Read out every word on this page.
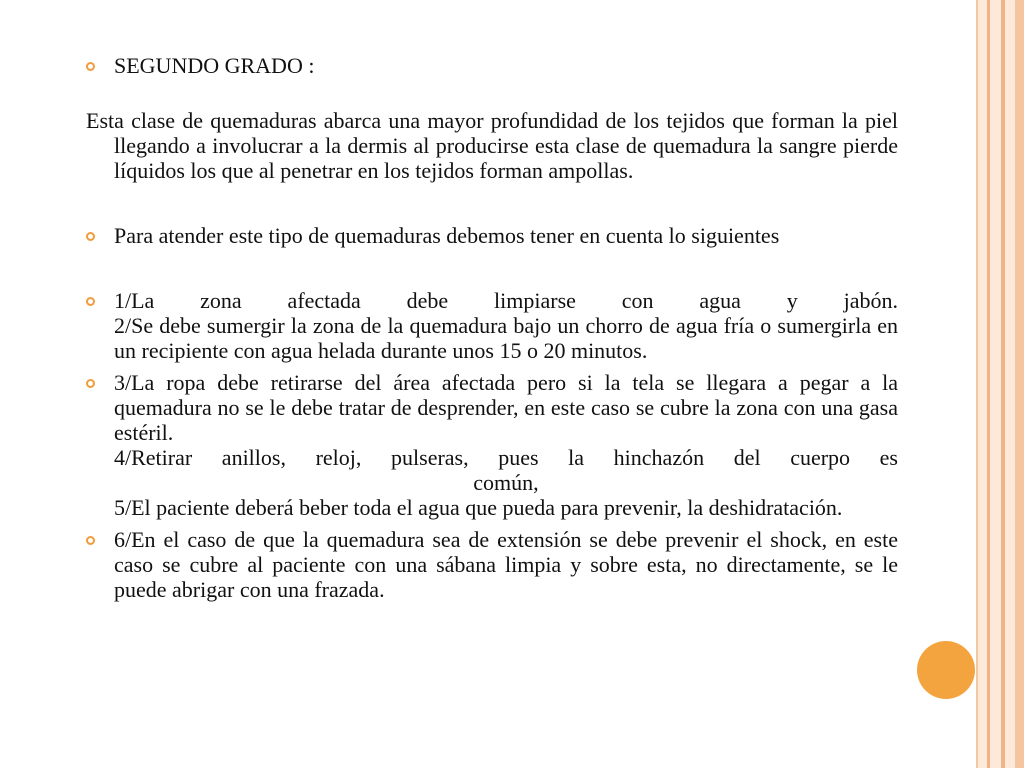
SEGUNDO GRADO :
Esta clase de quemaduras abarca una mayor profundidad de los tejidos que forman la piel llegando a involucrar a la dermis al producirse esta clase de quemadura la sangre pierde líquidos los que al penetrar en los tejidos forman ampollas.
Para atender este tipo de quemaduras debemos tener en cuenta lo siguientes
1/La zona afectada debe limpiarse con agua y jabón.
2/Se debe sumergir la zona de la quemadura bajo un chorro de agua fría o sumergirla en un recipiente con agua helada durante unos 15 o 20 minutos.
3/La ropa debe retirarse del área afectada pero si la tela se llegara a pegar a la quemadura no se le debe tratar de desprender, en este caso se cubre la zona con una gasa estéril.
4/Retirar anillos, reloj, pulseras, pues la hinchazón del cuerpo es
común,
5/El paciente deberá beber toda el agua que pueda para prevenir, la deshidratación.
6/En el caso de que la quemadura sea de extensión se debe prevenir el shock, en este caso se cubre al paciente con una sábana limpia y sobre esta, no directamente, se le puede abrigar con una frazada.
